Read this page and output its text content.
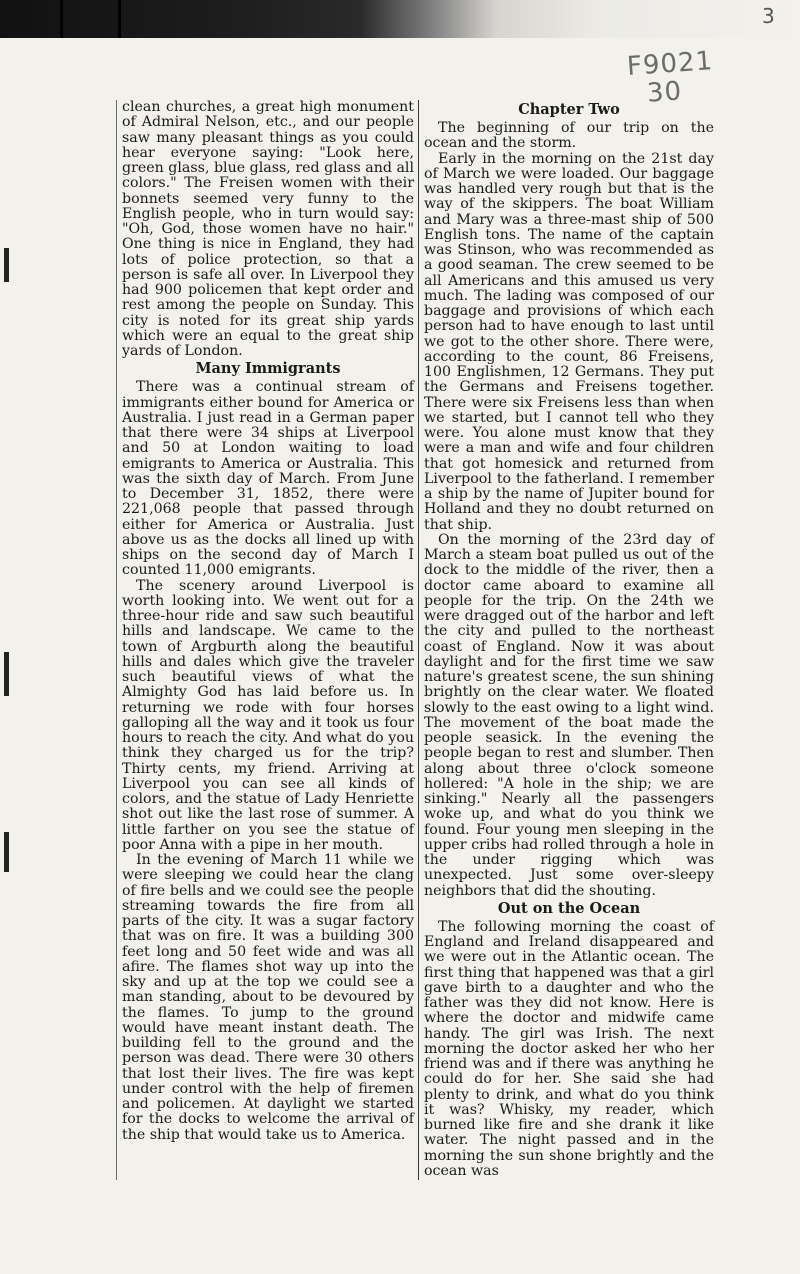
3
F9021
30

clean churches, a great high monument of Admiral Nelson, etc., and our people saw many pleasant things as you could hear everyone saying: "Look here, green glass, blue glass, red glass and all colors." The Freisen women with their bonnets seemed very funny to the English people, who in turn would say: "Oh, God, those women have no hair." One thing is nice in England, they had lots of police protection, so that a person is safe all over. In Liverpool they had 900 policemen that kept order and rest among the people on Sunday. This city is noted for its great ship yards which were an equal to the great ship yards of London.

Many Immigrants

There was a continual stream of immigrants either bound for America or Australia. I just read in a German paper that there were 34 ships at Liverpool and 50 at London waiting to load emigrants to America or Australia. This was the sixth day of March. From June to December 31, 1852, there were 221,068 people that passed through either for America or Australia. Just above us as the docks all lined up with ships on the second day of March I counted 11,000 emigrants.

The scenery around Liverpool is worth looking into. We went out for a three-hour ride and saw such beautiful hills and landscape. We came to the town of Argburth along the beautiful hills and dales which give the traveler such beautiful views of what the Almighty God has laid before us. In returning we rode with four horses galloping all the way and it took us four hours to reach the city. And what do you think they charged us for the trip? Thirty cents, my friend. Arriving at Liverpool you can see all kinds of colors, and the statue of Lady Henriette shot out like the last rose of summer. A little farther on you see the statue of poor Anna with a pipe in her mouth.

In the evening of March 11 while we were sleeping we could hear the clang of fire bells and we could see the people streaming towards the fire from all parts of the city. It was a sugar factory that was on fire. It was a building 300 feet long and 50 feet wide and was all afire. The flames shot way up into the sky and up at the top we could see a man standing, about to be devoured by the flames. To jump to the ground would have meant instant death. The building fell to the ground and the person was dead. There were 30 others that lost their lives. The fire was kept under control with the help of firemen and policemen. At daylight we started for the docks to welcome the arrival of the ship that would take us to America.

Chapter Two

The beginning of our trip on the ocean and the storm.

Early in the morning on the 21st day of March we were loaded. Our baggage was handled very rough but that is the way of the skippers. The boat William and Mary was a three-mast ship of 500 English tons. The name of the captain was Stinson, who was recommended as a good seaman. The crew seemed to be all Americans and this amused us very much. The lading was composed of our baggage and provisions of which each person had to have enough to last until we got to the other shore. There were, according to the count, 86 Freisens, 100 Englishmen, 12 Germans. They put the Germans and Freisens together. There were six Freisens less than when we started, but I cannot tell who they were. You alone must know that they were a man and wife and four children that got homesick and returned from Liverpool to the fatherland. I remember a ship by the name of Jupiter bound for Holland and they no doubt returned on that ship.

On the morning of the 23rd day of March a steam boat pulled us out of the dock to the middle of the river, then a doctor came aboard to examine all people for the trip. On the 24th we were dragged out of the harbor and left the city and pulled to the northeast coast of England. Now it was about daylight and for the first time we saw nature's greatest scene, the sun shining brightly on the clear water. We floated slowly to the east owing to a light wind. The movement of the boat made the people seasick. In the evening the people began to rest and slumber. Then along about three o'clock someone hollered: "A hole in the ship; we are sinking." Nearly all the passengers woke up, and what do you think we found. Four young men sleeping in the upper cribs had rolled through a hole in the under rigging which was unexpected. Just some over-sleepy neighbors that did the shouting.

Out on the Ocean

The following morning the coast of England and Ireland disappeared and we were out in the Atlantic ocean. The first thing that happened was that a girl gave birth to a daughter and who the father was they did not know. Here is where the doctor and midwife came handy. The girl was Irish. The next morning the doctor asked her who her friend was and if there was anything he could do for her. She said she had plenty to drink, and what do you think it was? Whisky, my reader, which burned like fire and she drank it like water. The night passed and in the morning the sun shone brightly and the ocean was
